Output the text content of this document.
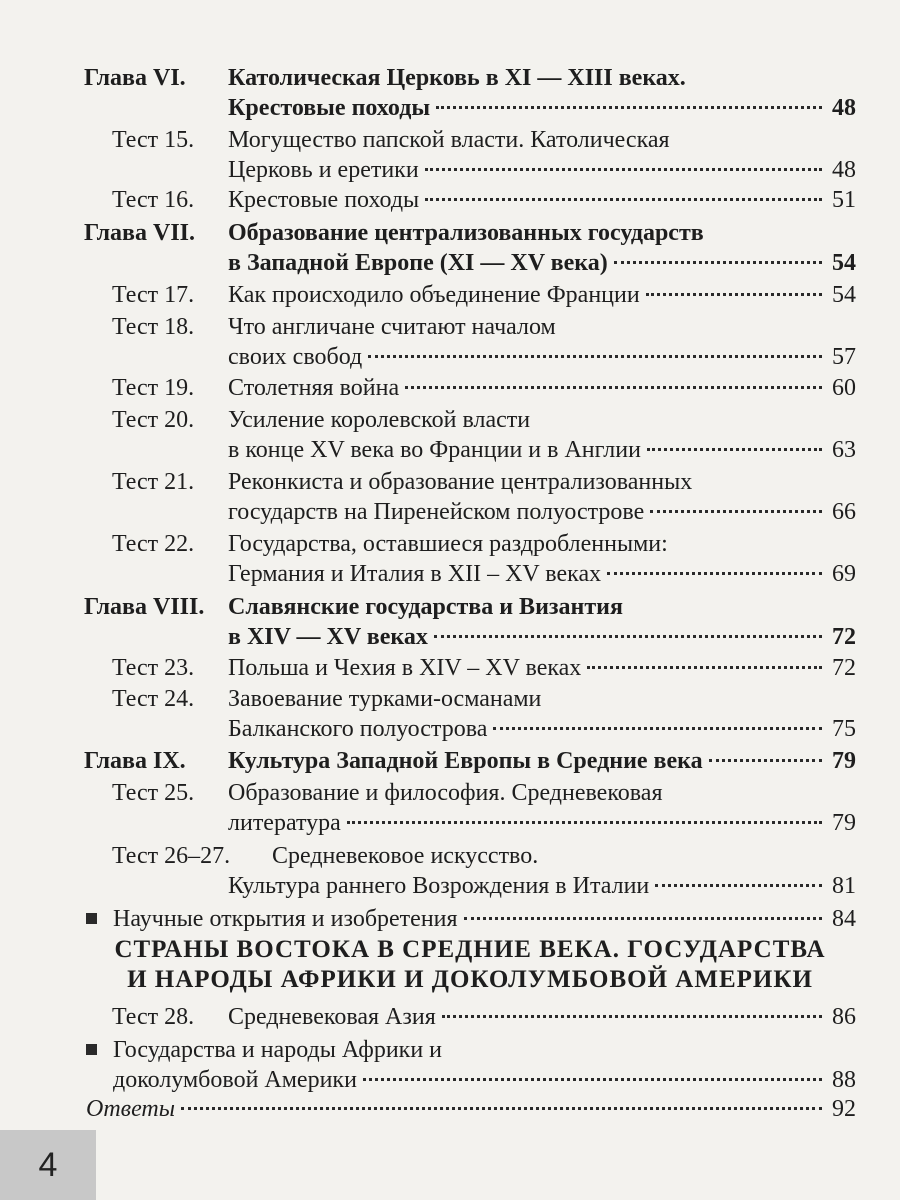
Глава VI.	Католическая Церковь в XI — XIII веках.
Крестовые походы	48
Тест 15.	Могущество папской власти. Католическая
Церковь и еретики	48
Тест 16.	Крестовые походы	51
Глава VII.	Образование централизованных государств
в Западной Европе (XI — XV века)	54
Тест 17.	Как происходило объединение Франции	54
Тест 18.	Что англичане считают началом
своих свобод	57
Тест 19.	Столетняя война	60
Тест 20.	Усиление королевской власти
в конце XV века во Франции и в Англии	63
Тест 21.	Реконкиста и образование централизованных
государств на Пиренейском полуострове	66
Тест 22.	Государства, оставшиеся раздробленными:
Германия и Италия в XII – XV веках	69
Глава VIII. Славянские государства и Византия
в XIV — XV веках	72
Тест 23.	Польша и Чехия в XIV – XV веках	72
Тест 24.	Завоевание турками-османами
Балканского полуострова	75
Глава IX.	Культура Западной Европы в Средние века	79
Тест 25.	Образование и философия. Средневековая
литература	79
Тест 26–27.	Средневековое искусство.
Культура раннего Возрождения в Италии	81
Научные открытия и изобретения	84
СТРАНЫ ВОСТОКА В СРЕДНИЕ ВЕКА. ГОСУДАРСТВА
И НАРОДЫ АФРИКИ И ДОКОЛУМБОВОЙ АМЕРИКИ
Тест 28.	Средневековая Азия	86
Государства и народы Африки и
доколумбовой Америки	88
Ответы	92
4
